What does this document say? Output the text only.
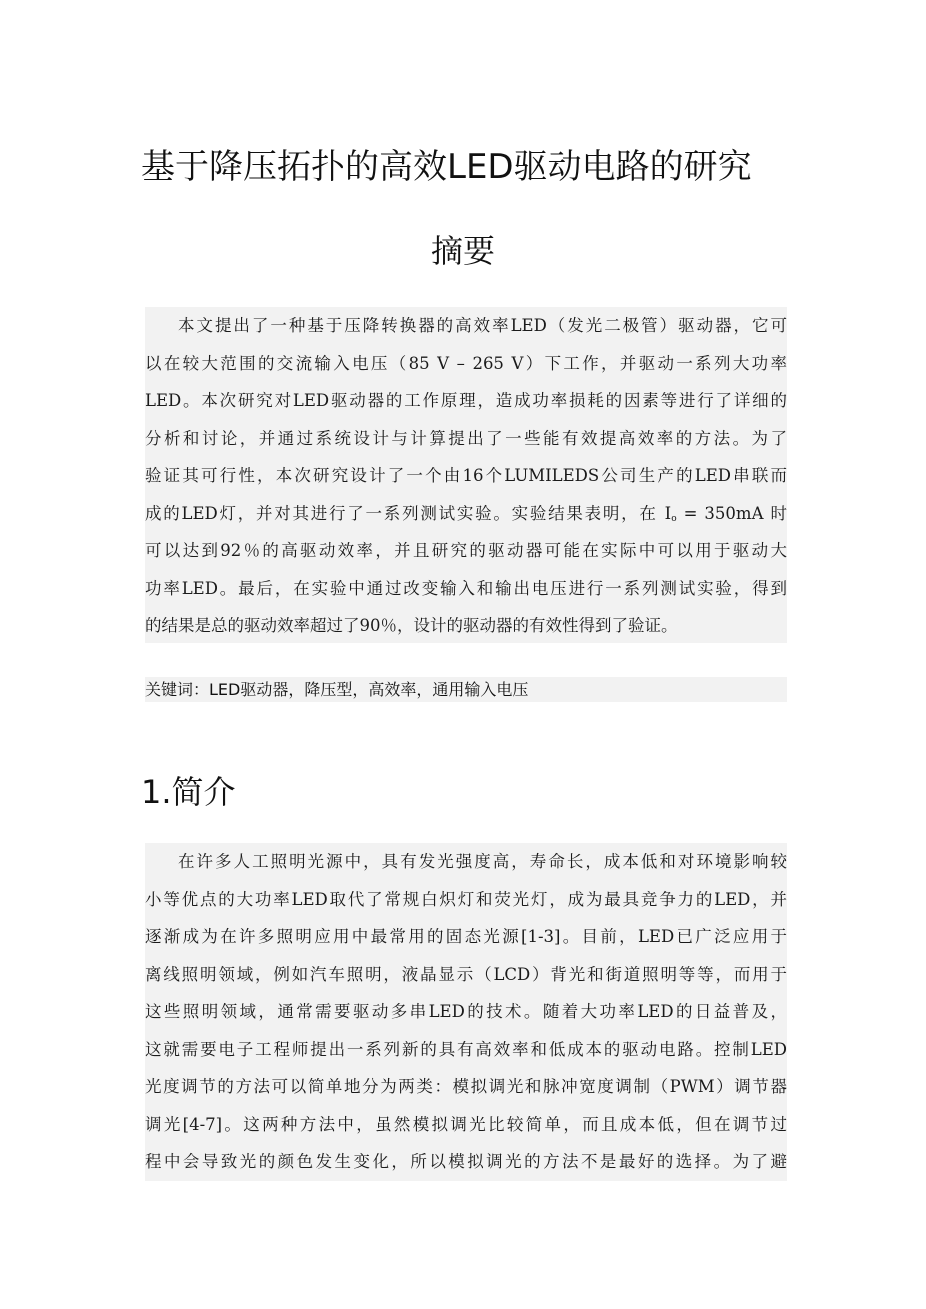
基于降压拓扑的高效LED驱动电路的研究
摘要
本文提出了一种基于压降转换器的高效率LED（发光二极管）驱动器，它可
以在较大范围的交流输入电压（85 V – 265 V）下工作，并驱动一系列大功率
LED。本次研究对LED驱动器的工作原理，造成功率损耗的因素等进行了详细的
分析和讨论，并通过系统设计与计算提出了一些能有效提高效率的方法。为了
验证其可行性，本次研究设计了一个由16个LUMILEDS公司生产的LED串联而
成的LED灯，并对其进行了一系列测试实验。实验结果表明，在 $I_o = 350mA$ 时
可以达到92％的高驱动效率，并且研究的驱动器可能在实际中可以用于驱动大
功率LED。最后，在实验中通过改变输入和输出电压进行一系列测试实验，得到
的结果是总的驱动效率超过了90％，设计的驱动器的有效性得到了验证。
关键词：LED驱动器，降压型，高效率，通用输入电压
1.简介
在许多人工照明光源中，具有发光强度高，寿命长，成本低和对环境影响较
小等优点的大功率LED取代了常规白炽灯和荧光灯，成为最具竞争力的LED，并
逐渐成为在许多照明应用中最常用的固态光源[1-3]。目前，LED已广泛应用于
离线照明领域，例如汽车照明，液晶显示（LCD）背光和街道照明等等，而用于
这些照明领域，通常需要驱动多串LED的技术。随着大功率LED的日益普及，
这就需要电子工程师提出一系列新的具有高效率和低成本的驱动电路。控制LED
光度调节的方法可以简单地分为两类：模拟调光和脉冲宽度调制（PWM）调节器
调光[4-7]。这两种方法中，虽然模拟调光比较简单，而且成本低，但在调节过
程中会导致光的颜色发生变化，所以模拟调光的方法不是最好的选择。为了避
